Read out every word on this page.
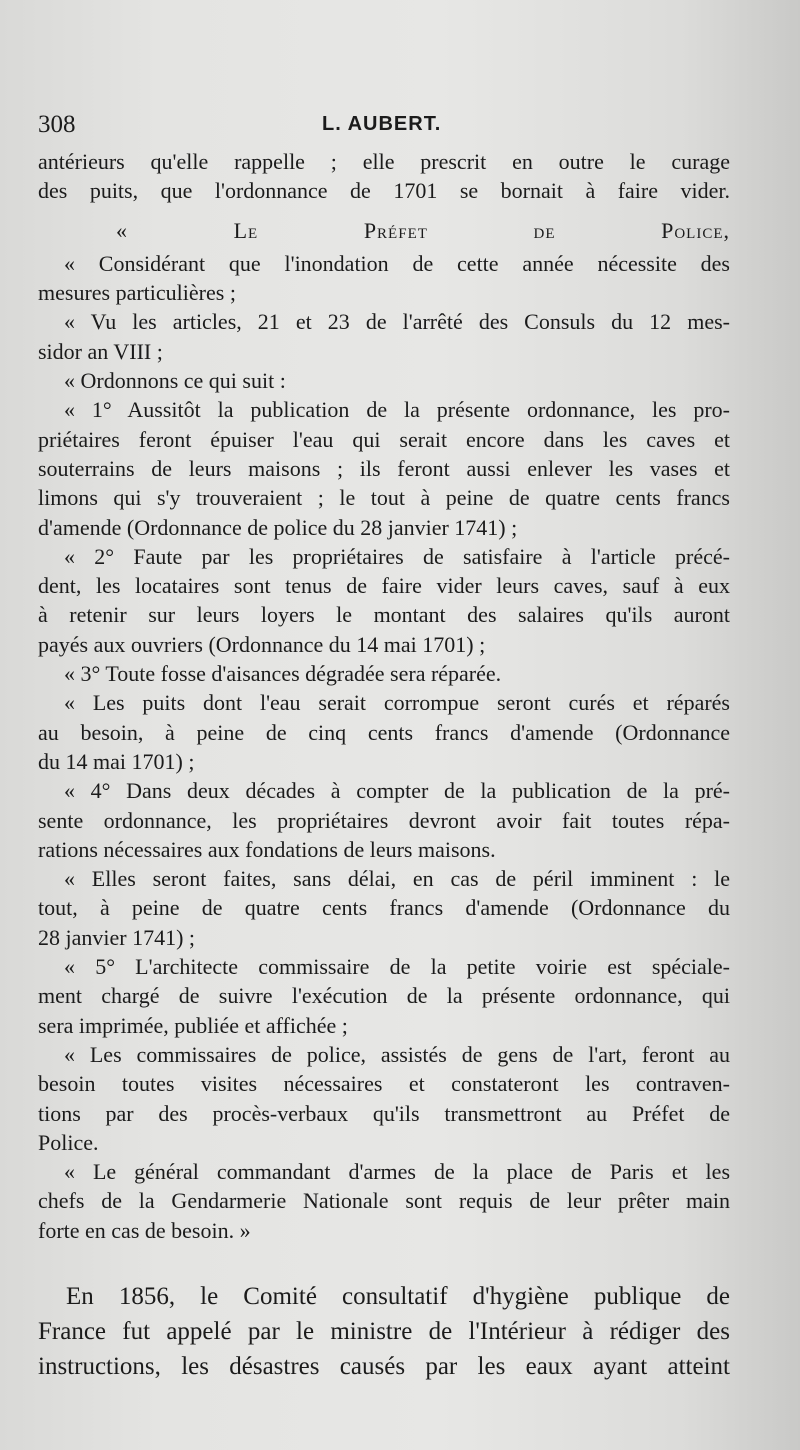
308	L. AUBERT.

antérieurs qu'elle rappelle ; elle prescrit en outre le curage

des puits, que l'ordonnance de 1701 se bornait à faire vider.

« Le Préfet de Police,

« Considérant que l'inondation de cette année nécessite des

mesures particulières ;

« Vu les articles, 21 et 23 de l'arrêté des Consuls du 12 mes-

sidor an VIII ;

« Ordonnons ce qui suit :

« 1° Aussitôt la publication de la présente ordonnance, les pro-

priétaires feront épuiser l'eau qui serait encore dans les caves et

souterrains de leurs maisons ; ils feront aussi enlever les vases et

limons qui s'y trouveraient ; le tout à peine de quatre cents francs

d'amende (Ordonnance de police du 28 janvier 1741) ;

« 2° Faute par les propriétaires de satisfaire à l'article précé-

dent, les locataires sont tenus de faire vider leurs caves, sauf à eux

à retenir sur leurs loyers le montant des salaires qu'ils auront

payés aux ouvriers (Ordonnance du 14 mai 1701) ;

« 3° Toute fosse d'aisances dégradée sera réparée.

« Les puits dont l'eau serait corrompue seront curés et réparés

au besoin, à peine de cinq cents francs d'amende (Ordonnance

du 14 mai 1701) ;

« 4° Dans deux décades à compter de la publication de la pré-

sente ordonnance, les propriétaires devront avoir fait toutes répa-

rations nécessaires aux fondations de leurs maisons.

« Elles seront faites, sans délai, en cas de péril imminent : le

tout, à peine de quatre cents francs d'amende (Ordonnance du

28 janvier 1741) ;

« 5° L'architecte commissaire de la petite voirie est spéciale-

ment chargé de suivre l'exécution de la présente ordonnance, qui

sera imprimée, publiée et affichée ;

« Les commissaires de police, assistés de gens de l'art, feront au

besoin toutes visites nécessaires et constateront les contraven-

tions par des procès-verbaux qu'ils transmettront au Préfet de

Police.

« Le général commandant d'armes de la place de Paris et les

chefs de la Gendarmerie Nationale sont requis de leur prêter main

forte en cas de besoin. »

En 1856, le Comité consultatif d'hygiène publique de

France fut appelé par le ministre de l'Intérieur à rédiger des

instructions, les désastres causés par les eaux ayant atteint
